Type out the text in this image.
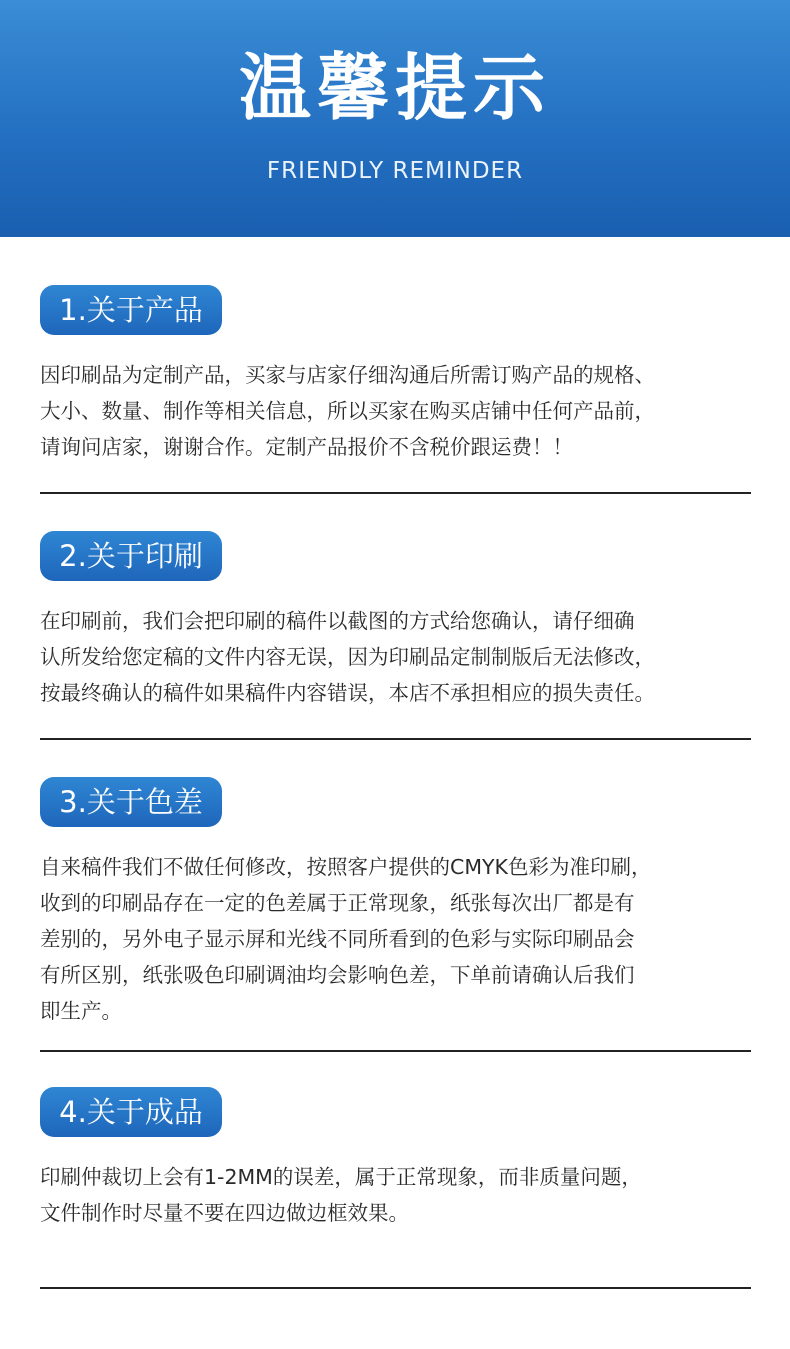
温馨提示
FRIENDLY REMINDER
1.关于产品

因印刷品为定制产品，买家与店家仔细沟通后所需订购产品的规格、

大小、数量、制作等相关信息，所以买家在购买店铺中任何产品前，

请询问店家，谢谢合作。定制产品报价不含税价跟运费！！

2.关于印刷

在印刷前，我们会把印刷的稿件以截图的方式给您确认，请仔细确

认所发给您定稿的文件内容无误，因为印刷品定制制版后无法修改，

按最终确认的稿件如果稿件内容错误，本店不承担相应的损失责任。

3.关于色差

自来稿件我们不做任何修改，按照客户提供的CMYK色彩为准印刷，

收到的印刷品存在一定的色差属于正常现象，纸张每次出厂都是有

差别的，另外电子显示屏和光线不同所看到的色彩与实际印刷品会

有所区别，纸张吸色印刷调油均会影响色差，下单前请确认后我们

即生产。

4.关于成品

印刷仲裁切上会有1-2MM的误差，属于正常现象，而非质量问题，

文件制作时尽量不要在四边做边框效果。
